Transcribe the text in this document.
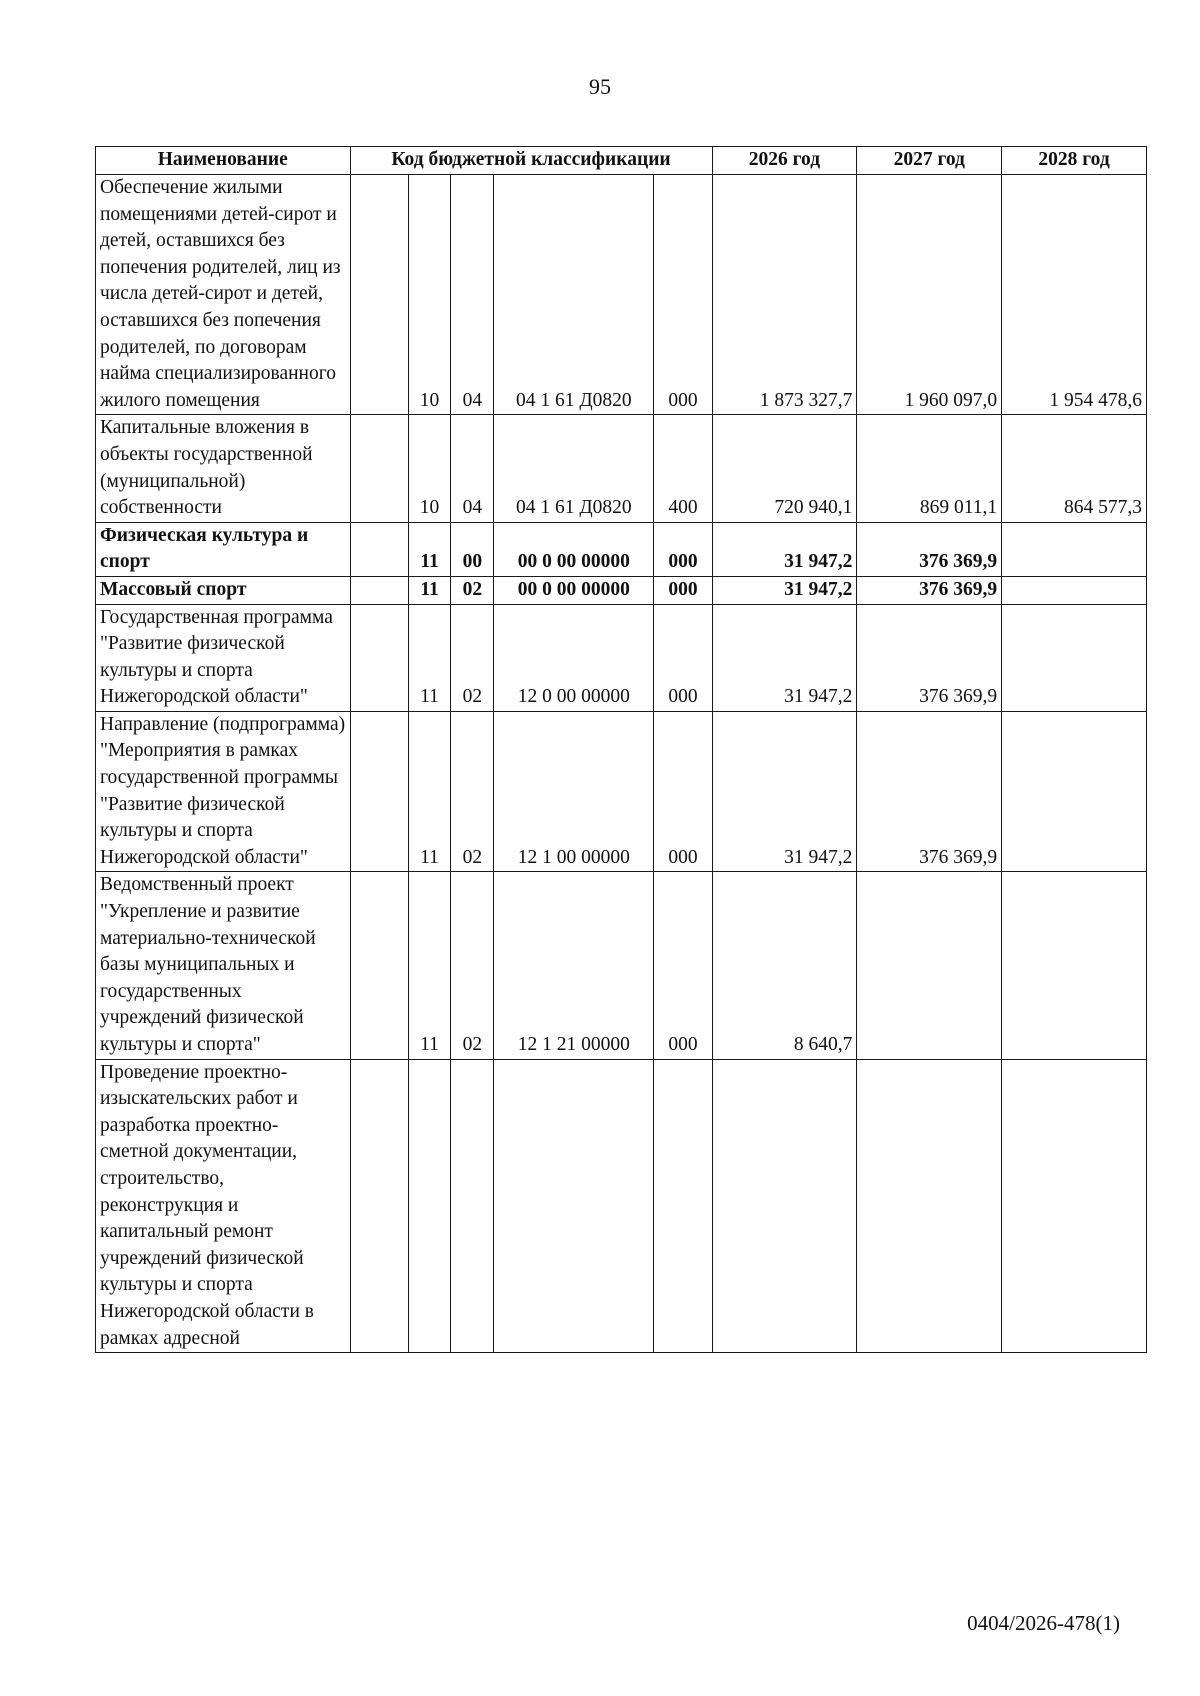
95
Наименование	Код бюджетной классификации					2026 год	2027 год	2028 год
Обеспечение жилыми помещениями детей-сирот и детей, оставшихся без попечения родителей, лиц из числа детей-сирот и детей, оставшихся без попечения родителей, по договорам найма специализированного жилого помещения		10	04	04 1 61 Д0820	000	1 873 327,7	1 960 097,0	1 954 478,6
Капитальные вложения в объекты государственной (муниципальной) собственности		10	04	04 1 61 Д0820	400	720 940,1	869 011,1	864 577,3
Физическая культура и спорт		11	00	00 0 00 00000	000	31 947,2	376 369,9	
Массовый спорт		11	02	00 0 00 00000	000	31 947,2	376 369,9	
Государственная программа "Развитие физической культуры и спорта Нижегородской области"		11	02	12 0 00 00000	000	31 947,2	376 369,9	
Направление (подпрограмма) "Мероприятия в рамках государственной программы "Развитие физической культуры и спорта Нижегородской области"		11	02	12 1 00 00000	000	31 947,2	376 369,9	
Ведомственный проект "Укрепление и развитие материально-технической базы муниципальных и государственных учреждений физической культуры и спорта"		11	02	12 1 21 00000	000	8 640,7		
Проведение проектно-изыскательских работ и разработка проектно-сметной документации, строительство, реконструкция и капитальный ремонт учреждений физической культуры и спорта Нижегородской области в рамках адресной								
0404/2026-478(1)
